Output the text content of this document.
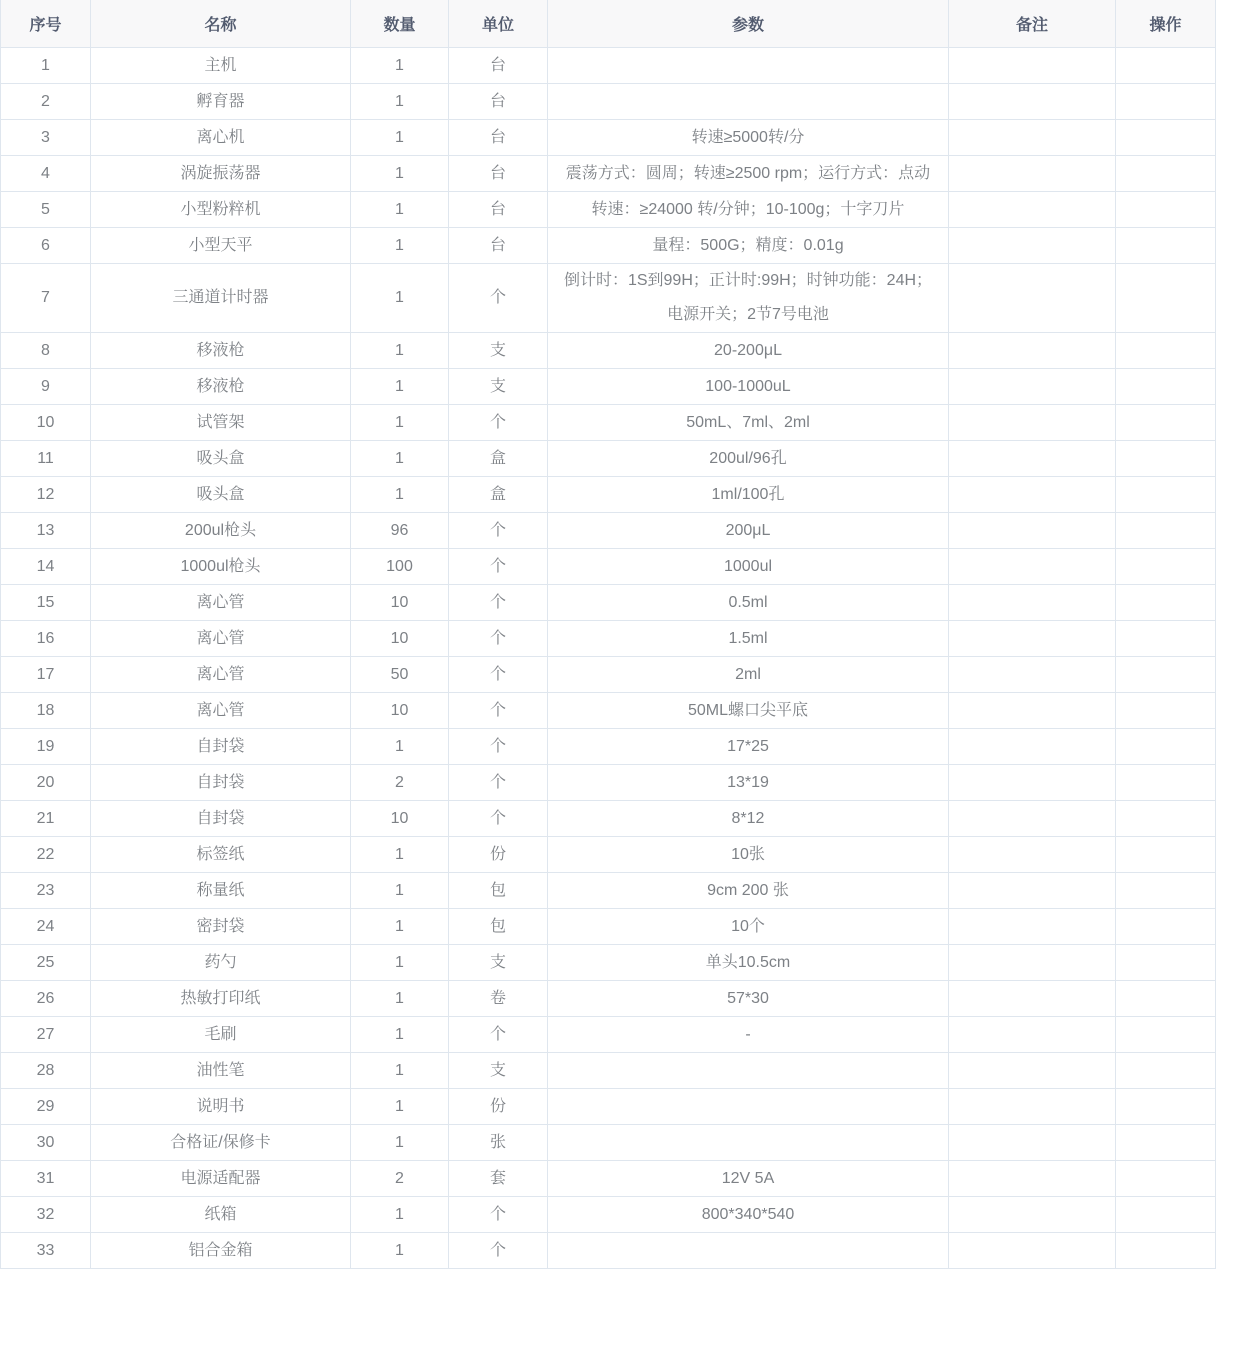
序号	名称	数量	单位	参数	备注	操作
1	主机	1	台			
2	孵育器	1	台			
3	离心机	1	台	转速≥5000转/分		
4	涡旋振荡器	1	台	震荡方式：圆周；转速≥2500 rpm；运行方式：点动		
5	小型粉粹机	1	台	转速：≥24000 转/分钟；10-100g；十字刀片		
6	小型天平	1	台	量程：500G；精度：0.01g		
7	三通道计时器	1	个	倒计时：1S到99H；正计时:99H；时钟功能：24H；电源开关；2节7号电池		
8	移液枪	1	支	20-200μL		
9	移液枪	1	支	100-1000uL		
10	试管架	1	个	50mL、7ml、2ml		
11	吸头盒	1	盒	200ul/96孔		
12	吸头盒	1	盒	1ml/100孔		
13	200ul枪头	96	个	200μL		
14	1000ul枪头	100	个	1000ul		
15	离心管	10	个	0.5ml		
16	离心管	10	个	1.5ml		
17	离心管	50	个	2ml		
18	离心管	10	个	50ML螺口尖平底		
19	自封袋	1	个	17*25		
20	自封袋	2	个	13*19		
21	自封袋	10	个	8*12		
22	标签纸	1	份	10张		
23	称量纸	1	包	9cm 200 张		
24	密封袋	1	包	10个		
25	药勺	1	支	单头10.5cm		
26	热敏打印纸	1	卷	57*30		
27	毛刷	1	个	-		
28	油性笔	1	支			
29	说明书	1	份			
30	合格证/保修卡	1	张			
31	电源适配器	2	套	12V 5A		
32	纸箱	1	个	800*340*540		
33	铝合金箱	1	个			
